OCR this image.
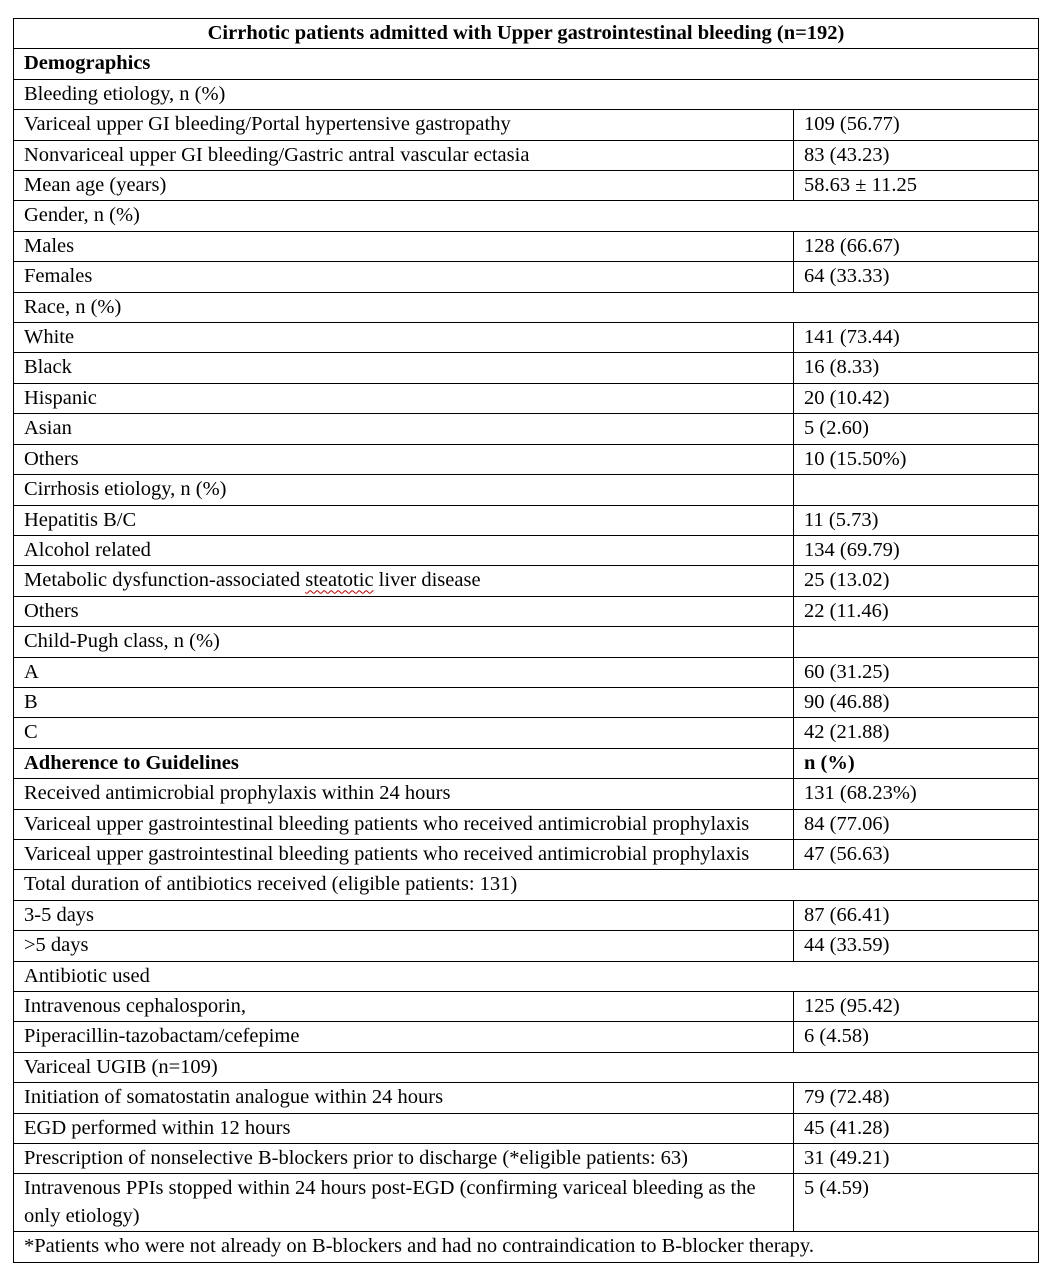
Cirrhotic patients admitted with Upper gastrointestinal bleeding (n=192)	
Demographics	
Bleeding etiology, n (%)	
Variceal upper GI bleeding/Portal hypertensive gastropathy	109 (56.77)
Nonvariceal upper GI bleeding/Gastric antral vascular ectasia	83 (43.23)
Mean age (years)	58.63 ± 11.25
Gender, n (%)	
Males	128 (66.67)
Females	64 (33.33)
Race, n (%)	
White	141 (73.44)
Black	16 (8.33)
Hispanic	20 (10.42)
Asian	5 (2.60)
Others	10 (15.50%)
Cirrhosis etiology, n (%)	
Hepatitis B/C	11 (5.73)
Alcohol related	134 (69.79)
Metabolic dysfunction-associated steatotic liver disease	25 (13.02)
Others	22 (11.46)
Child-Pugh class, n (%)	
A	60 (31.25)
B	90 (46.88)
C	42 (21.88)
Adherence to Guidelines	n (%)
Received antimicrobial prophylaxis within 24 hours	131 (68.23%)
Variceal upper gastrointestinal bleeding patients who received antimicrobial prophylaxis	84 (77.06)
Variceal upper gastrointestinal bleeding patients who received antimicrobial prophylaxis	47 (56.63)
Total duration of antibiotics received (eligible patients: 131)	
3-5 days	87 (66.41)
>5 days	44 (33.59)
Antibiotic used	
Intravenous cephalosporin,	125 (95.42)
Piperacillin-tazobactam/cefepime	6 (4.58)
Variceal UGIB (n=109)	
Initiation of somatostatin analogue within 24 hours	79 (72.48)
EGD performed within 12 hours	45 (41.28)
Prescription of nonselective B-blockers prior to discharge (*eligible patients: 63)	31 (49.21)
Intravenous PPIs stopped within 24 hours post-EGD (confirming variceal bleeding as the only etiology)	5 (4.59)
*Patients who were not already on B-blockers and had no contraindication to B-blocker therapy.	
